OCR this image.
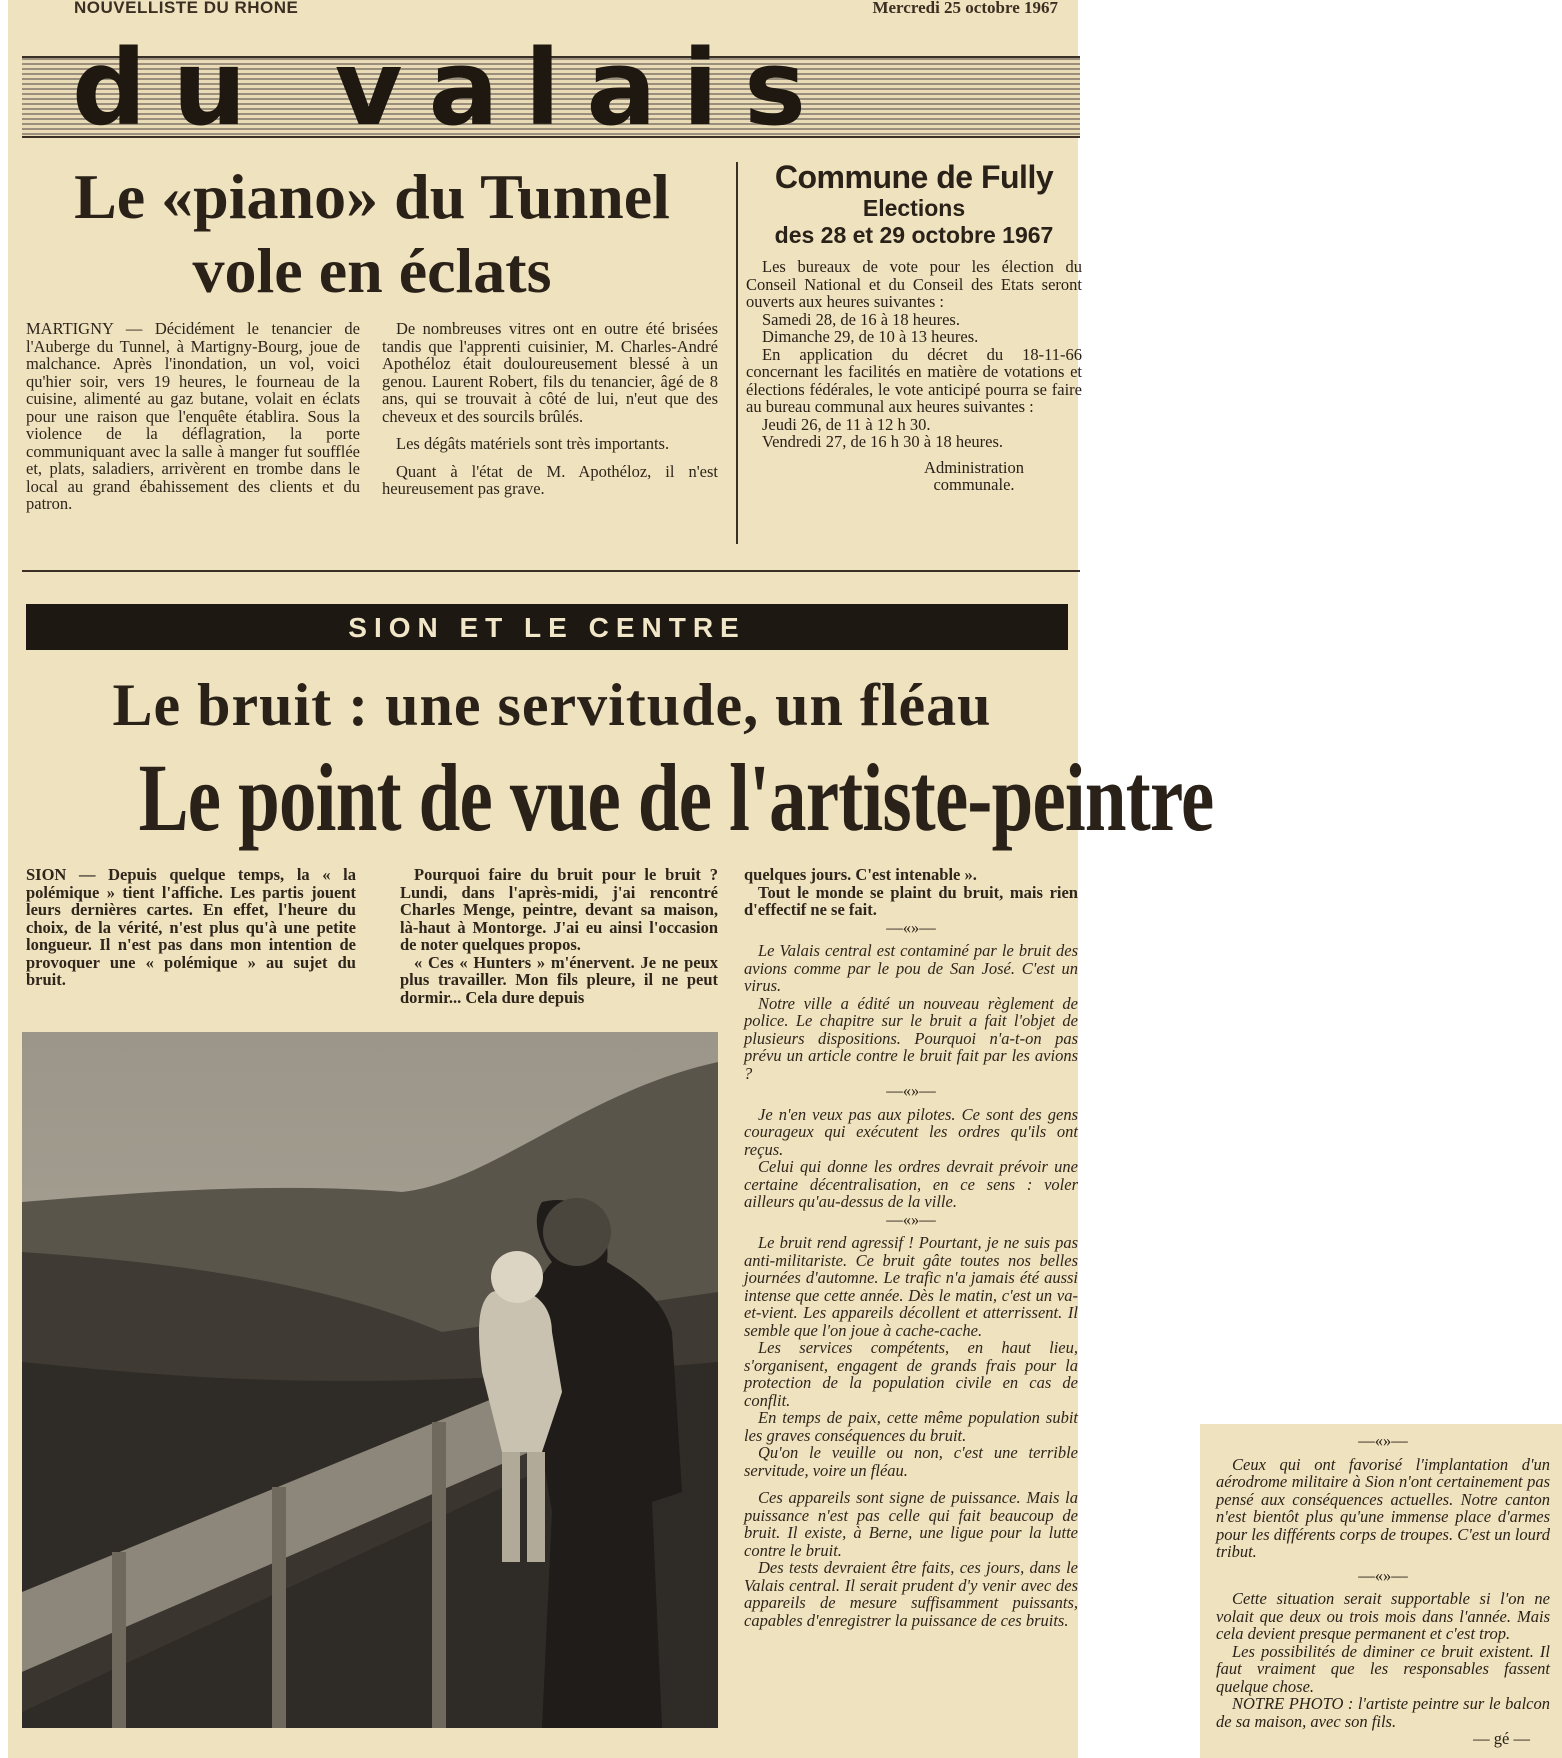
NOUVELLISTE DU RHONE	Mercredi 25 octobre 1967
du valais
Le «piano» du Tunnel vole en éclats

MARTIGNY — Décidément le tenancier de l'Auberge du Tunnel, à Martigny-Bourg, joue de malchance. Après l'inondation, un vol, voici qu'hier soir, vers 19 heures, le fourneau de la cuisine, alimenté au gaz butane, volait en éclats pour une raison que l'enquête établira. Sous la violence de la déflagration, la porte communiquant avec la salle à manger fut soufflée et, plats, saladiers, arrivèrent en trombe dans le local au grand ébahissement des clients et du patron.

De nombreuses vitres ont en outre été brisées tandis que l'apprenti cuisinier, M. Charles-André Apothéloz était douloureusement blessé à un genou. Laurent Robert, fils du tenancier, âgé de 8 ans, qui se trouvait à côté de lui, n'eut que des cheveux et des sourcils brûlés.

Les dégâts matériels sont très importants.

Quant à l'état de M. Apothéloz, il n'est heureusement pas grave.

Commune de Fully
Elections
des 28 et 29 octobre 1967

Les bureaux de vote pour les élection du Conseil National et du Conseil des Etats seront ouverts aux heures suivantes :

Samedi 28, de 16 à 18 heures.

Dimanche 29, de 10 à 13 heures.

En application du décret du 18-11-66 concernant les facilités en matière de votations et élections fédérales, le vote anticipé pourra se faire au bureau communal aux heures suivantes :

Jeudi 26, de 11 à 12 h 30.

Vendredi 27, de 16 h 30 à 18 heures.

Administration
communale.
SION ET LE CENTRE
Le bruit : une servitude, un fléau
Le point de vue de l'artiste-peintre

SION — Depuis quelque temps, la « la polémique » tient l'affiche. Les partis jouent leurs dernières cartes. En effet, l'heure du choix, de la vérité, n'est plus qu'à une petite longueur. Il n'est pas dans mon intention de provoquer une « polémique » au sujet du bruit.

Pourquoi faire du bruit pour le bruit ? Lundi, dans l'après-midi, j'ai rencontré Charles Menge, peintre, devant sa maison, là-haut à Montorge. J'ai eu ainsi l'occasion de noter quelques propos.

« Ces « Hunters » m'énervent. Je ne peux plus travailler. Mon fils pleure, il ne peut dormir... Cela dure depuis

quelques jours. C'est intenable ».

Tout le monde se plaint du bruit, mais rien d'effectif ne se fait.

—«»—

Le Valais central est contaminé par le bruit des avions comme par le pou de San José. C'est un virus.

Notre ville a édité un nouveau règlement de police. Le chapitre sur le bruit a fait l'objet de plusieurs dispositions. Pourquoi n'a-t-on pas prévu un article contre le bruit fait par les avions ?

—«»—

Je n'en veux pas aux pilotes. Ce sont des gens courageux qui exécutent les ordres qu'ils ont reçus.

Celui qui donne les ordres devrait prévoir une certaine décentralisation, en ce sens : voler ailleurs qu'au-dessus de la ville.

—«»—

Le bruit rend agressif ! Pourtant, je ne suis pas anti-militariste. Ce bruit gâte toutes nos belles journées d'automne. Le trafic n'a jamais été aussi intense que cette année. Dès le matin, c'est un va-et-vient. Les appareils décollent et atterrissent. Il semble que l'on joue à cache-cache.

Les services compétents, en haut lieu, s'organisent, engagent de grands frais pour la protection de la population civile en cas de conflit.

En temps de paix, cette même population subit les graves conséquences du bruit.

Qu'on le veuille ou non, c'est une terrible servitude, voire un fléau.

Ces appareils sont signe de puissance. Mais la puissance n'est pas celle qui fait beaucoup de bruit. Il existe, à Berne, une ligue pour la lutte contre le bruit.

Des tests devraient être faits, ces jours, dans le Valais central. Il serait prudent d'y venir avec des appareils de mesure suffisamment puissants, capables d'enregistrer la puissance de ces bruits.

—«»—

Ceux qui ont favorisé l'implantation d'un aérodrome militaire à Sion n'ont certainement pas pensé aux conséquences actuelles. Notre canton n'est bientôt plus qu'une immense place d'armes pour les différents corps de troupes. C'est un lourd tribut.

—«»—

Cette situation serait supportable si l'on ne volait que deux ou trois mois dans l'année. Mais cela devient presque permanent et c'est trop.

Les possibilités de diminer ce bruit existent. Il faut vraiment que les responsables fassent quelque chose.

NOTRE PHOTO : l'artiste peintre sur le balcon de sa maison, avec son fils.

— gé —
